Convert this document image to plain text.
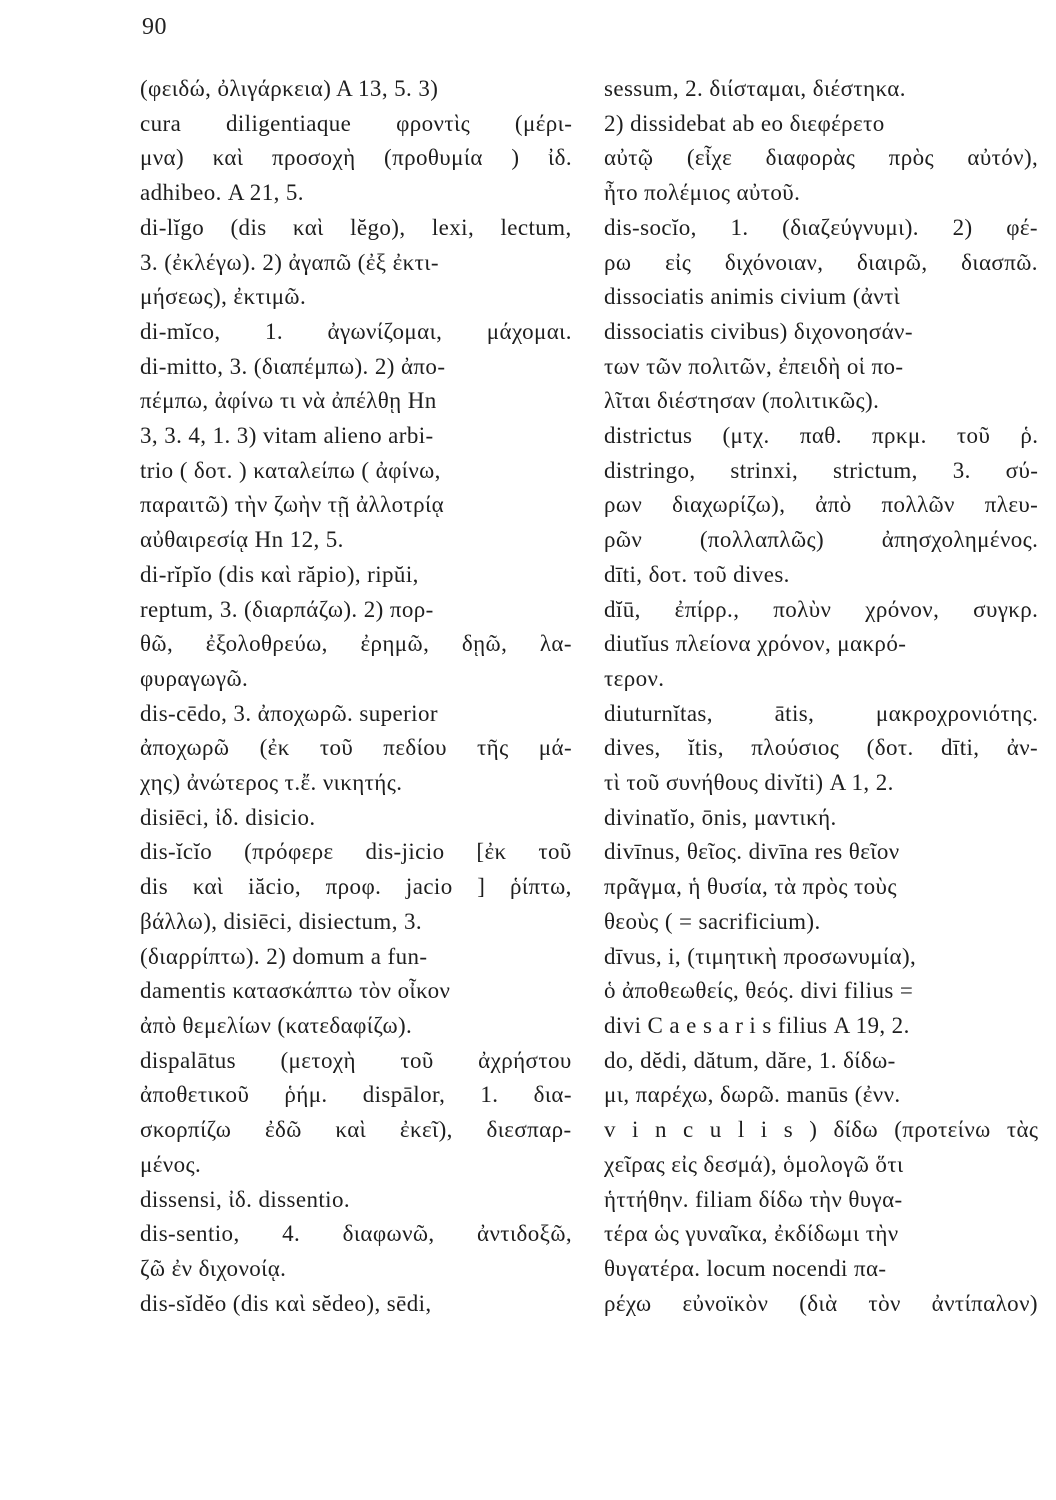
90
(φειδώ, ὀλιγάρκεια) Α 13, 5. 3)
cura diligentiaque φροντὶς (μέρι-
μνα) καὶ προσοχὴ (προθυμία ) ἰδ.
adhibeo. Α 21, 5.
di-lĭgo (dis καὶ lĕgo), lexi, lectum,
3. (ἐκλέγω). 2) ἀγαπῶ (ἐξ ἐκτι-
μήσεως), ἐκτιμῶ.
di-mĭco, 1. ἀγωνίζομαι, μάχομαι.
di-mitto, 3. (διαπέμπω). 2) ἀπο-
πέμπω, ἀφίνω τι νὰ ἀπέλθῃ Hn
3, 3. 4, 1. 3) vitam alieno arbi-
trio ( δοτ. ) καταλείπω ( ἀφίνω,
παραιτῶ) τὴν ζωὴν τῇ ἀλλοτρίᾳ
αὐθαιρεσίᾳ Hn 12, 5.
di-rĭpĭo (dis καὶ răpio), ripŭi,
reptum, 3. (διαρπάζω). 2) πορ-
θῶ, ἐξολοθρεύω, ἐρημῶ, δῃῶ, λα-
φυραγωγῶ.
dis-cēdo, 3. ἀποχωρῶ. superior
ἀποχωρῶ (ἐκ τοῦ πεδίου τῆς μά-
χης) ἀνώτερος τ.ἔ. νικητής.
disiēci, ἰδ. disicio.
dis-ĭcĭo (πρόφερε dis-jicio [ἐκ τοῦ
dis καὶ iăcio, προφ. jacio ] ῥίπτω,
βάλλω), disiēci, disiectum, 3.
(διαρρίπτω). 2) domum a fun-
damentis κατασκάπτω τὸν οἶκον
ἀπὸ θεμελίων (κατεδαφίζω).
dispalātus (μετοχὴ τοῦ ἀχρήστου
ἀποθετικοῦ ῥήμ. dispālor, 1. δια-
σκορπίζω ἐδῶ καὶ ἐκεῖ), διεσπαρ-
μένος.
dissensi, ἰδ. dissentio.
dis-sentio, 4. διαφωνῶ, ἀντιδοξῶ,
ζῶ ἐν διχονοίᾳ.
dis-sĭdĕo (dis καὶ sĕdeo), sēdi,
sessum, 2. διίσταμαι, διέστηκα.
2) dissidebat ab eo διεφέρετο
αὐτῷ (εἶχε διαφορὰς πρὸς αὐτόν),
ἦτο πολέμιος αὐτοῦ.
dis-socĭo, 1. (διαζεύγνυμι). 2) φέ-
ρω εἰς διχόνοιαν, διαιρῶ, διασπῶ.
dissociatis animis civium (ἀντὶ
dissociatis civibus) διχονοησάν-
των τῶν πολιτῶν, ἐπειδὴ οἱ πο-
λῖται διέστησαν (πολιτικῶς).
districtus (μτχ. παθ. πρκμ. τοῦ ῥ.
distringo, strinxi, strictum, 3. σύ-
ρων διαχωρίζω), ἀπὸ πολλῶν πλευ-
ρῶν (πολλαπλῶς) ἀπησχολημένος.
dīti, δοτ. τοῦ dives.
dĭū, ἐπίρρ., πολὺν χρόνον, συγκρ.
diutĭus πλείονα χρόνον, μακρό-
τερον.
diuturnĭtas, ātis, μακροχρονιότης.
dives, ĭtis, πλούσιος (δοτ. dīti, ἀν-
τὶ τοῦ συνήθους divĭti) Α 1, 2.
divinatĭo, ōnis, μαντική.
divīnus, θεῖος. divīna res θεῖον
πρᾶγμα, ἡ θυσία, τὰ πρὸς τοὺς
θεοὺς ( = sacrificium).
dīvus, i, (τιμητικὴ προσωνυμία),
ὁ ἀποθεωθείς, θεός. divi filius =
divi C a e s a r i s filius Α 19, 2.
do, dĕdi, dătum, dăre, 1. δίδω-
μι, παρέχω, δωρῶ. manūs (ἐνν.
v i n c u l i s ) δίδω (προτείνω τὰς
χεῖρας εἰς δεσμά), ὁμολογῶ ὅτι
ἡττήθην. filiam δίδω τὴν θυγα-
τέρα ὡς γυναῖκα, ἐκδίδωμι τὴν
θυγατέρα. locum nocendi πα-
ρέχω εὐνοϊκὸν (διὰ τὸν ἀντίπαλον)
